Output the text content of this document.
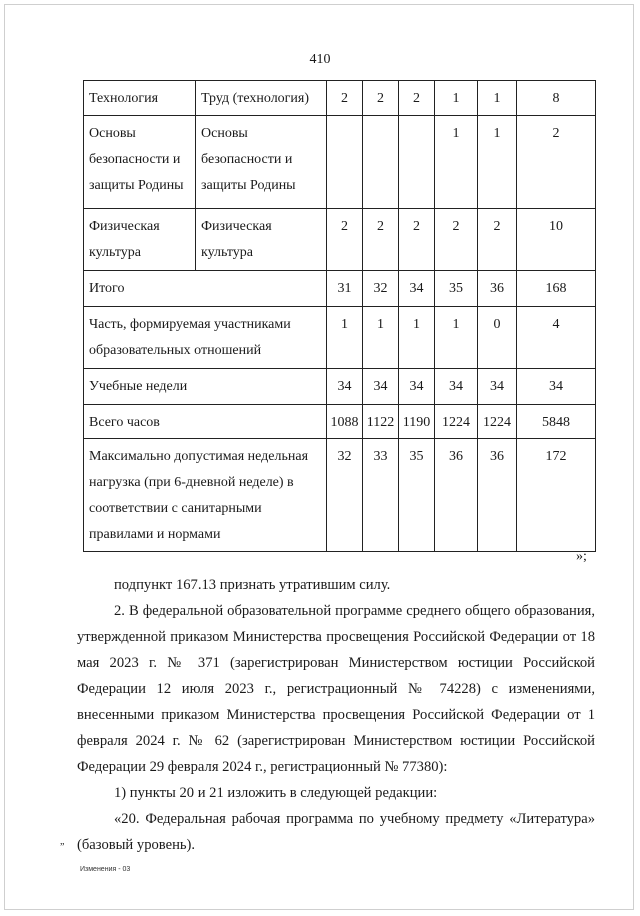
410
Технология	Труд (технология)	2	2	2	1	1	8
Основы безопасности и защиты Родины	Основы безопасности и защиты Родины				1	1	2
Физическая культура	Физическая культура	2	2	2	2	2	10
Итого		31	32	34	35	36	168
Часть, формируемая участниками образовательных отношений		1	1	1	1	0	4
Учебные недели		34	34	34	34	34	34
Всего часов		1088	1122	1190	1224	1224	5848
Максимально допустимая недельная нагрузка (при 6-дневной неделе) в соответствии с санитарными правилами и нормами		32	33	35	36	36	172
»;

подпункт 167.13 признать утратившим силу.

2. В федеральной образовательной программе среднего общего образования, утвержденной приказом Министерства просвещения Российской Федерации от 18 мая 2023 г. № 371 (зарегистрирован Министерством юстиции Российской Федерации 12 июля 2023 г., регистрационный № 74228) с изменениями, внесенными приказом Министерства просвещения Российской Федерации от 1 февраля 2024 г. № 62 (зарегистрирован Министерством юстиции Российской Федерации 29 февраля 2024 г., регистрационный № 77380):

1) пункты 20 и 21 изложить в следующей редакции:

«20. Федеральная рабочая программа по учебному предмету «Литература» (базовый уровень).

„
Изменения - 03
